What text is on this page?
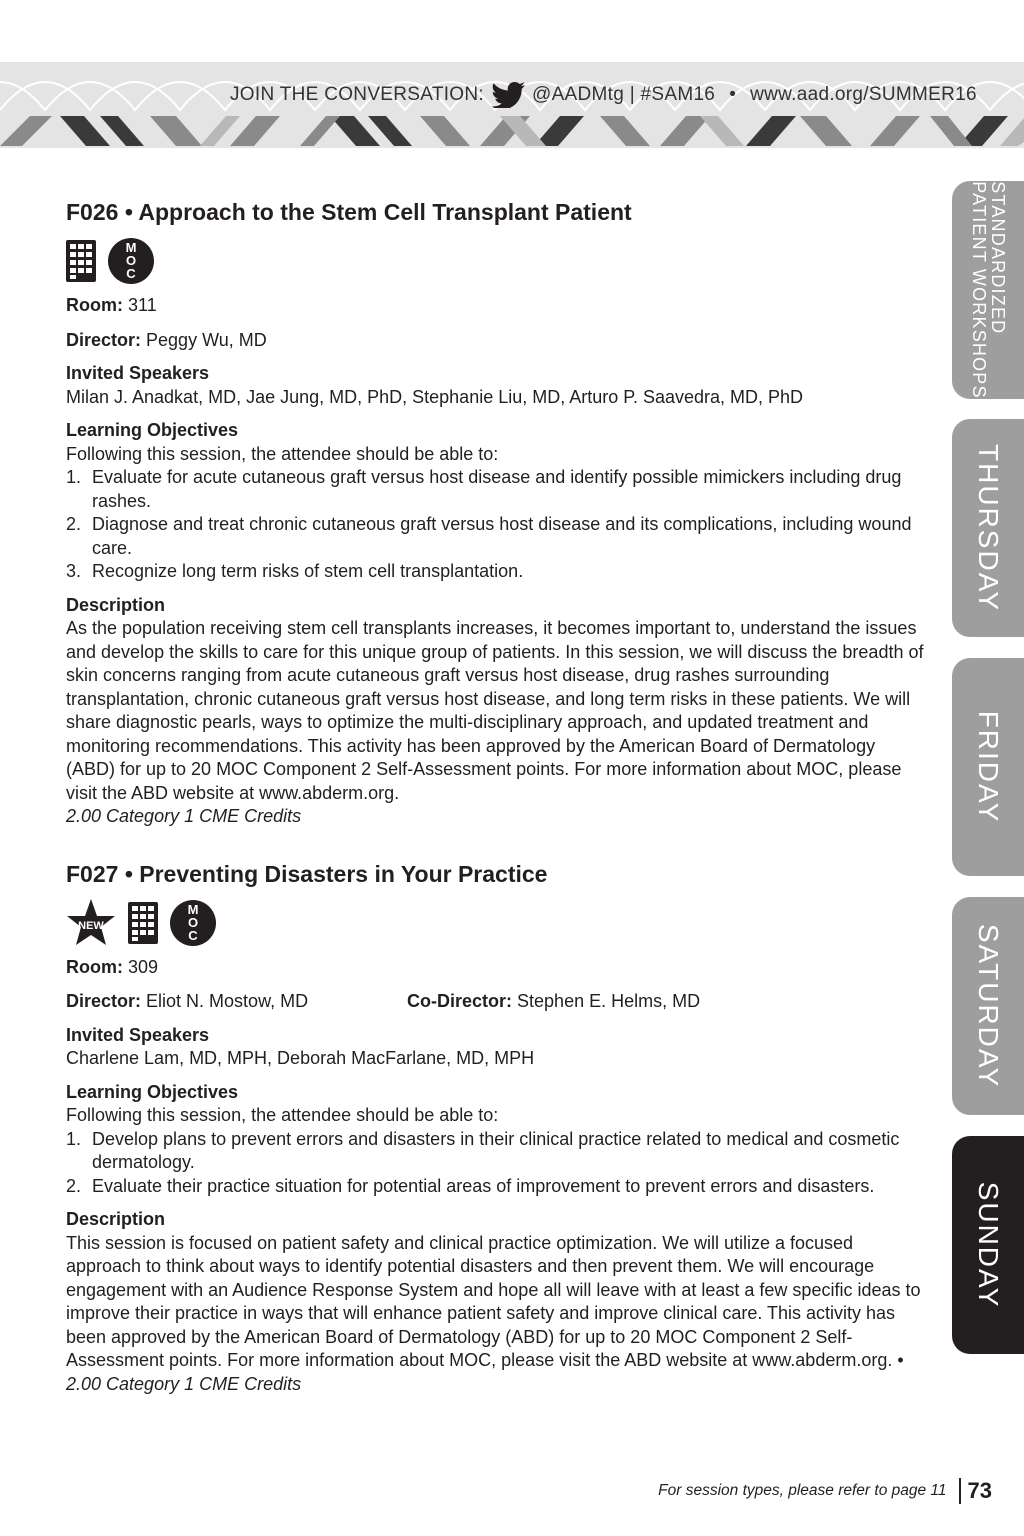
JOIN THE CONVERSATION:	@AADMtg | #SAM16 • www.aad.org/SUMMER16
STANDARDIZED
PATIENT WORKSHOPS
THURSDAY
FRIDAY
SATURDAY
SUNDAY
F026 • Approach to the Stem Cell Transplant Patient
M
O
C

Room: 311

Director: Peggy Wu, MD

Invited Speakers

Milan J. Anadkat, MD, Jae Jung, MD, PhD, Stephanie Liu, MD, Arturo P. Saavedra, MD, PhD

Learning Objectives

Following this session, the attendee should be able to:

1. Evaluate for acute cutaneous graft versus host disease and identify possible mimickers including drug rashes.
2. Diagnose and treat chronic cutaneous graft versus host disease and its complications, including wound care.
3. Recognize long term risks of stem cell transplantation.

Description

As the population receiving stem cell transplants increases, it becomes important to, understand the issues and develop the skills to care for this unique group of patients. In this session, we will discuss the breadth of skin concerns ranging from acute cutaneous graft versus host disease, drug rashes surrounding transplantation, chronic cutaneous graft versus host disease, and long term risks in these patients. We will share diagnostic pearls, ways to optimize the multi-disciplinary approach, and updated treatment and monitoring recommendations. This activity has been approved by the American Board of Dermatology (ABD) for up to 20 MOC Component 2 Self-Assessment points. For more information about MOC, please visit the ABD website at www.abderm.org.

2.00 Category 1 CME Credits

F027 • Preventing Disasters in Your Practice
NEW
M
O
C

Room: 309

Director: Eliot N. Mostow, MD	Co-Director: Stephen E. Helms, MD

Invited Speakers

Charlene Lam, MD, MPH, Deborah MacFarlane, MD, MPH

Learning Objectives

Following this session, the attendee should be able to:

1. Develop plans to prevent errors and disasters in their clinical practice related to medical and cosmetic dermatology.
2. Evaluate their practice situation for potential areas of improvement to prevent errors and disasters.

Description

This session is focused on patient safety and clinical practice optimization. We will utilize a focused approach to think about ways to identify potential disasters and then prevent them. We will encourage engagement with an Audience Response System and hope all will leave with at least a few specific ideas to improve their practice in ways that will enhance patient safety and improve clinical care. This activity has been approved by the American Board of Dermatology (ABD) for up to 20 MOC Component 2 Self-Assessment points. For more information about MOC, please visit the ABD website at www.abderm.org. • 2.00 Category 1 CME Credits

For session types, please refer to page 11 73
